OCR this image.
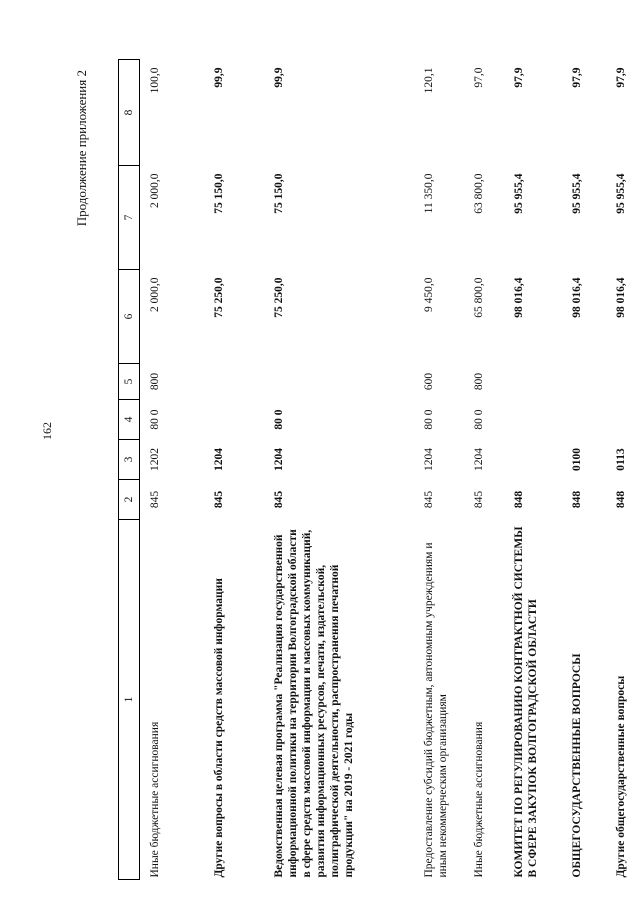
162
Продолжение приложения 2
1	2	3	4	5	6	7	8
Иные бюджетные ассигнования	845	1202	80 0	800	2 000,0	2 000,0	100,0
Другие вопросы в области средств массовой информации	845	1204			75 250,0	75 150,0	99,9
Ведомственная целевая программа "Реализация государственной информационной политики на территории Волгоградской области в сфере средств массовой информации и массовых коммуникаций, развития информационных ресурсов, печати, издательской, полиграфической деятельности, распространения печатной продукции" на 2019 - 2021 годы	845	1204	80 0		75 250,0	75 150,0	99,9
Предоставление субсидий бюджетным, автономным учреждениям и иным некоммерческим организациям	845	1204	80 0	600	9 450,0	11 350,0	120,1
Иные бюджетные ассигнования	845	1204	80 0	800	65 800,0	63 800,0	97,0
КОМИТЕТ ПО РЕГУЛИРОВАНИЮ КОНТРАКТНОЙ СИСТЕМЫ В СФЕРЕ ЗАКУПОК ВОЛГОГРАДСКОЙ ОБЛАСТИ	848				98 016,4	95 955,4	97,9
ОБЩЕГОСУДАРСТВЕННЫЕ ВОПРОСЫ	848	0100			98 016,4	95 955,4	97,9
Другие общегосударственные вопросы	848	0113			98 016,4	95 955,4	97,9
